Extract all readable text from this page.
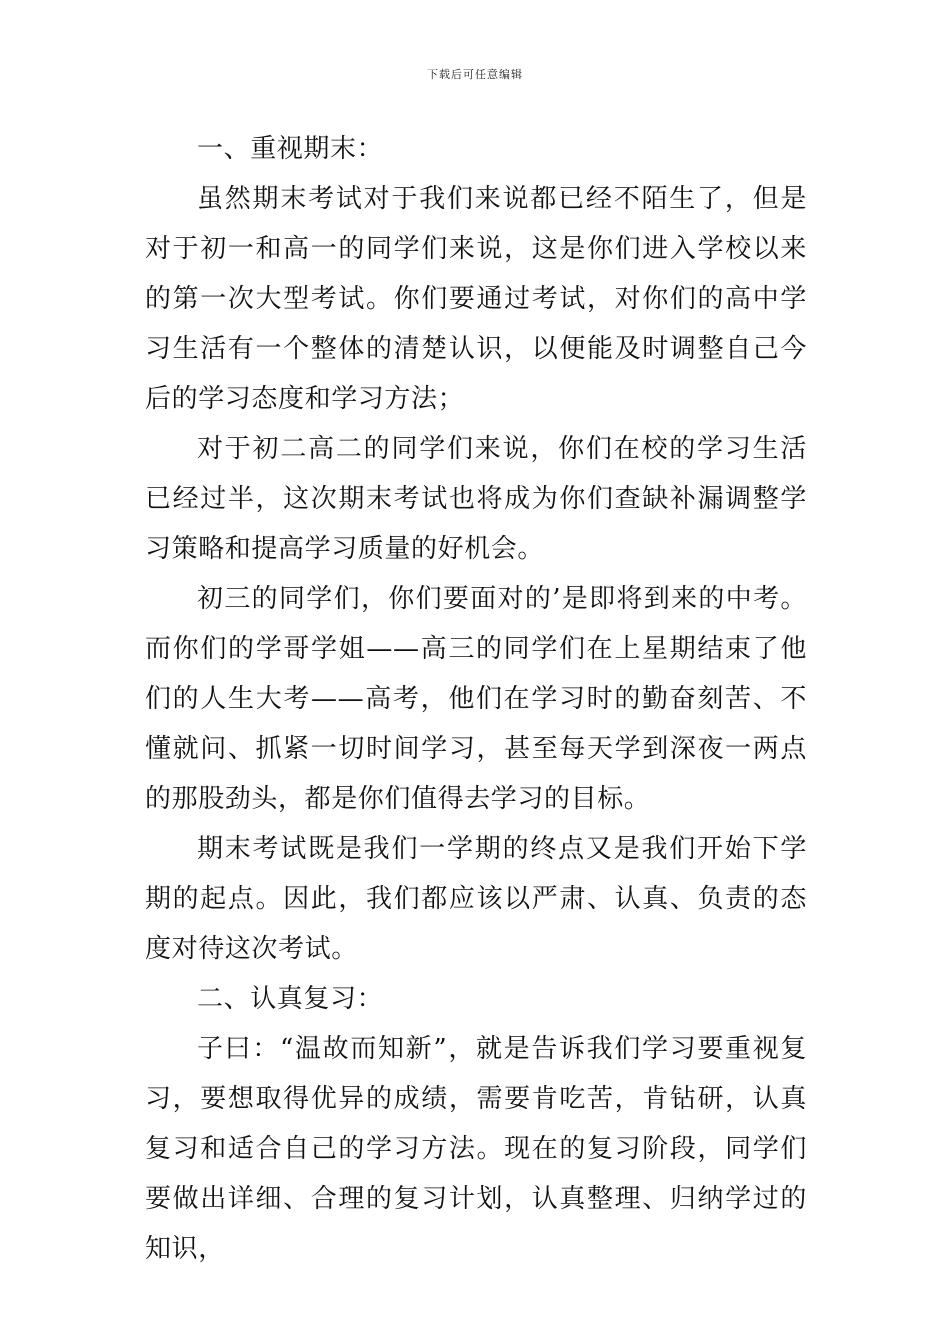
下载后可任意编辑

一、重视期末：

虽然期末考试对于我们来说都已经不陌生了，但是对于初一和高一的同学们来说，这是你们进入学校以来的第一次大型考试。你们要通过考试，对你们的高中学习生活有一个整体的清楚认识，以便能及时调整自己今后的学习态度和学习方法；

对于初二高二的同学们来说，你们在校的学习生活已经过半，这次期末考试也将成为你们查缺补漏调整学习策略和提高学习质量的好机会。

初三的同学们，你们要面对的’是即将到来的中考。而你们的学哥学姐——高三的同学们在上星期结束了他们的人生大考——高考，他们在学习时的勤奋刻苦、不懂就问、抓紧一切时间学习，甚至每天学到深夜一两点的那股劲头，都是你们值得去学习的目标。

期末考试既是我们一学期的终点又是我们开始下学期的起点。因此，我们都应该以严肃、认真、负责的态度对待这次考试。

二、认真复习：

子曰：“温故而知新”，就是告诉我们学习要重视复习，要想取得优异的成绩，需要肯吃苦，肯钻研，认真复习和适合自己的学习方法。现在的复习阶段，同学们要做出详细、合理的复习计划，认真整理、归纳学过的知识，
